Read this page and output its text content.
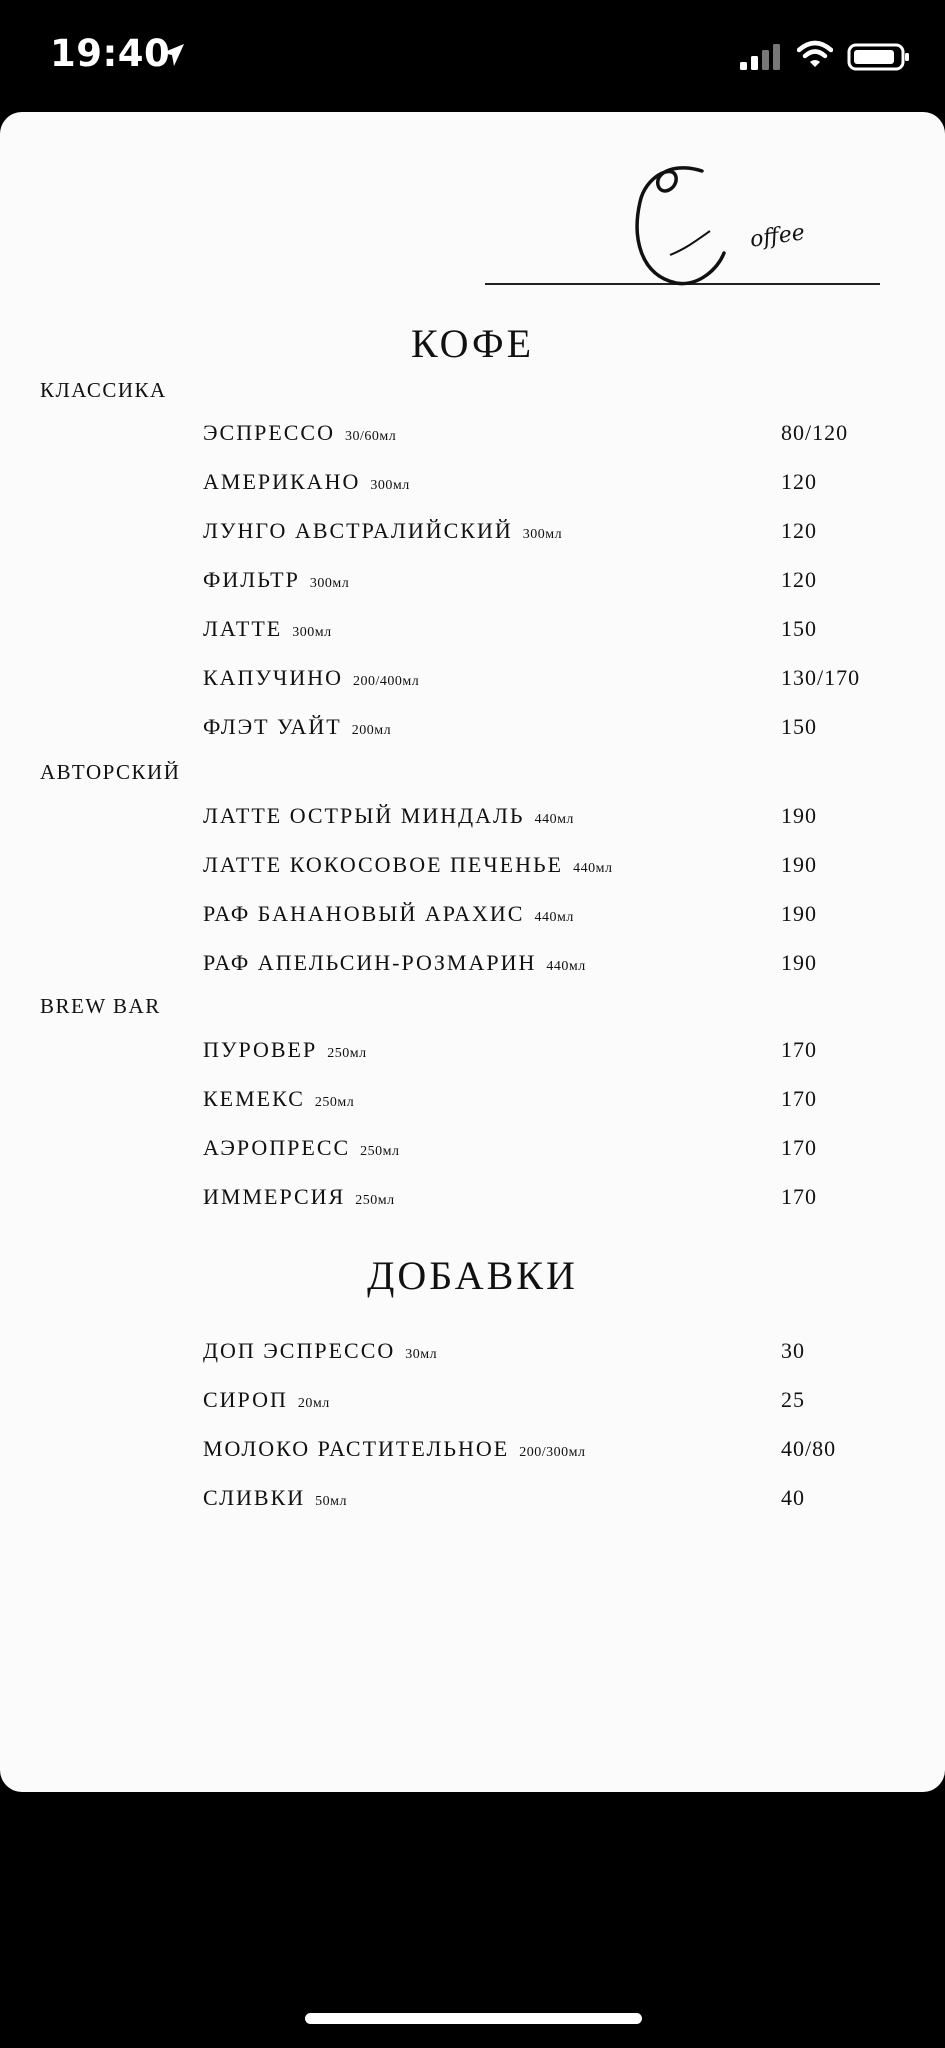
19:40
offee
КОФЕ
КЛАССИКА
ЭСПРЕССО 30/60мл	80/120
АМЕРИКАНО 300мл	120
ЛУНГО АВСТРАЛИЙСКИЙ 300мл	120
ФИЛЬТР 300мл	120
ЛАТТЕ 300мл	150
КАПУЧИНО 200/400мл	130/170
ФЛЭТ УАЙТ 200мл	150
АВТОРСКИЙ
ЛАТТЕ ОСТРЫЙ МИНДАЛЬ 440мл	190
ЛАТТЕ КОКОСОВОЕ ПЕЧЕНЬЕ 440мл	190
РАФ БАНАНОВЫЙ АРАХИС 440мл	190
РАФ АПЕЛЬСИН-РОЗМАРИН 440мл	190
BREW BAR
ПУРОВЕР 250мл	170
КЕМЕКС 250мл	170
АЭРОПРЕСС 250мл	170
ИММЕРСИЯ 250мл	170
ДОБАВКИ
ДОП ЭСПРЕССО 30мл	30
СИРОП 20мл	25
МОЛОКО РАСТИТЕЛЬНОЕ 200/300мл	40/80
СЛИВКИ 50мл	40
